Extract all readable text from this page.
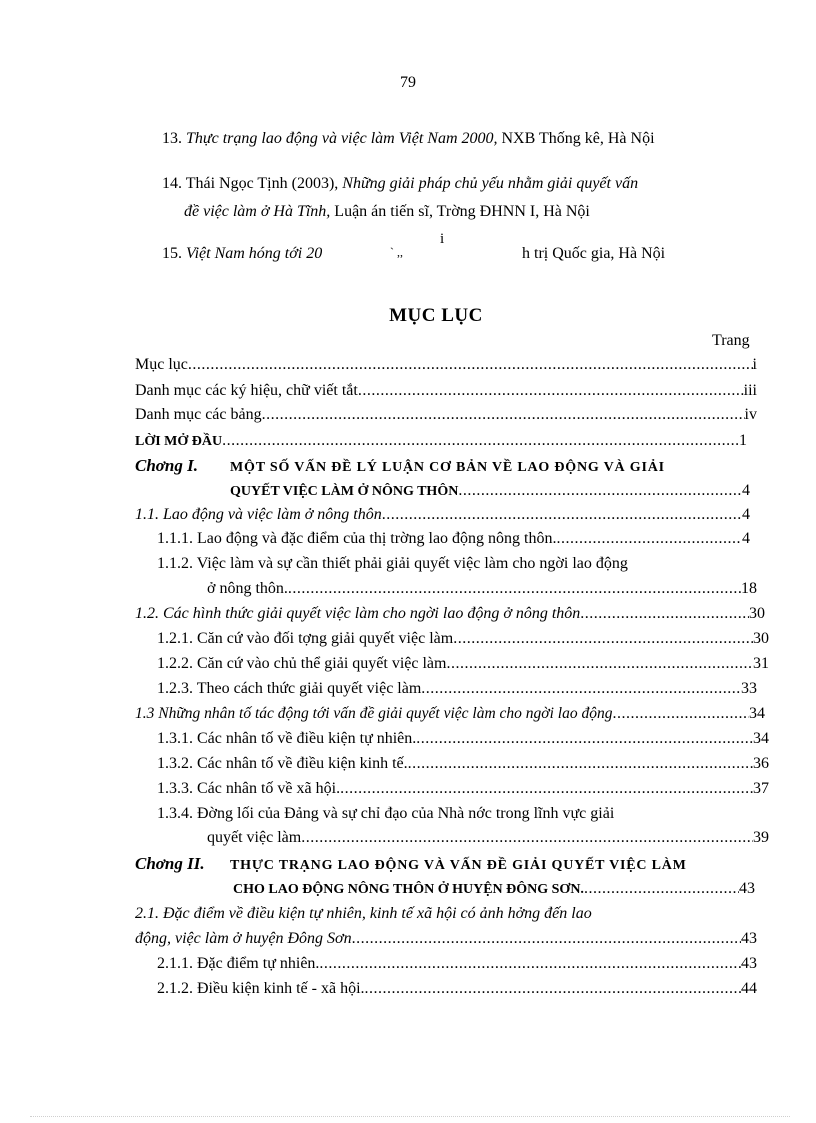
79
13. Thực trạng lao động và việc làm Việt Nam 2000, NXB Thống kê, Hà Nội
14. Thái Ngọc Tịnh (2003), Những giải pháp chủ yếu nhằm giải quyết vấn
đề việc làm ở Hà Tĩnh, Luận án tiến sĩ, Trờng ĐHNN I, Hà Nội
i
15. Việt Nam hóng tới 20	` ,,	h trị Quốc gia, Hà Nội
MỤC LỤC
Trang
Mục lục .....	i
Danh mục các ký hiệu, chữ viết tắt .....	iii
Danh mục các bảng .....	iv
LỜI MỞ ĐẦU .....	1
Chơng I. MỘT SỐ VẤN ĐỀ LÝ LUẬN CƠ BẢN VỀ LAO ĐỘNG VÀ GIẢI
QUYẾT VIỆC LÀM Ở NÔNG THÔN .....	4
1.1. Lao động và việc làm ở nông thôn .....	4
1.1.1. Lao động và đặc điểm của thị trờng lao động nông thôn. .....	4
1.1.2. Việc làm và sự cần thiết phải giải quyết việc làm cho ngời lao động
ở nông thôn. .....	18
1.2. Các hình thức giải quyết việc làm cho ngời lao động ở nông thôn .....	30
1.2.1. Căn cứ vào đối tợng giải quyết việc làm .....	30
1.2.2. Căn cứ vào chủ thể giải quyết việc làm .....	31
1.2.3. Theo cách thức giải quyết việc làm .....	33
1.3 Những nhân tố tác động tới vấn đề giải quyết việc làm cho ngời lao động .....	34
1.3.1. Các nhân tố về điều kiện tự nhiên. .....	34
1.3.2. Các nhân tố về điều kiện kinh tế. .....	36
1.3.3. Các nhân tố về xã hội. .....	37
1.3.4. Đờng lối của Đảng và sự chỉ đạo của Nhà nớc trong lĩnh vực giải
quyết việc làm .....	39
Chơng II. THỰC TRẠNG LAO ĐỘNG VÀ VẤN ĐỀ GIẢI QUYẾT VIỆC LÀM
CHO LAO ĐỘNG NÔNG THÔN Ở HUYỆN ĐÔNG SƠN. .....	43
2.1. Đặc điểm về điều kiện tự nhiên, kinh tế xã hội có ảnh hởng đến lao
động, việc làm ở huyện Đông Sơn .....	43
2.1.1. Đặc điểm tự nhiên. .....	43
2.1.2. Điều kiện kinh tế - xã hội. .....	44
